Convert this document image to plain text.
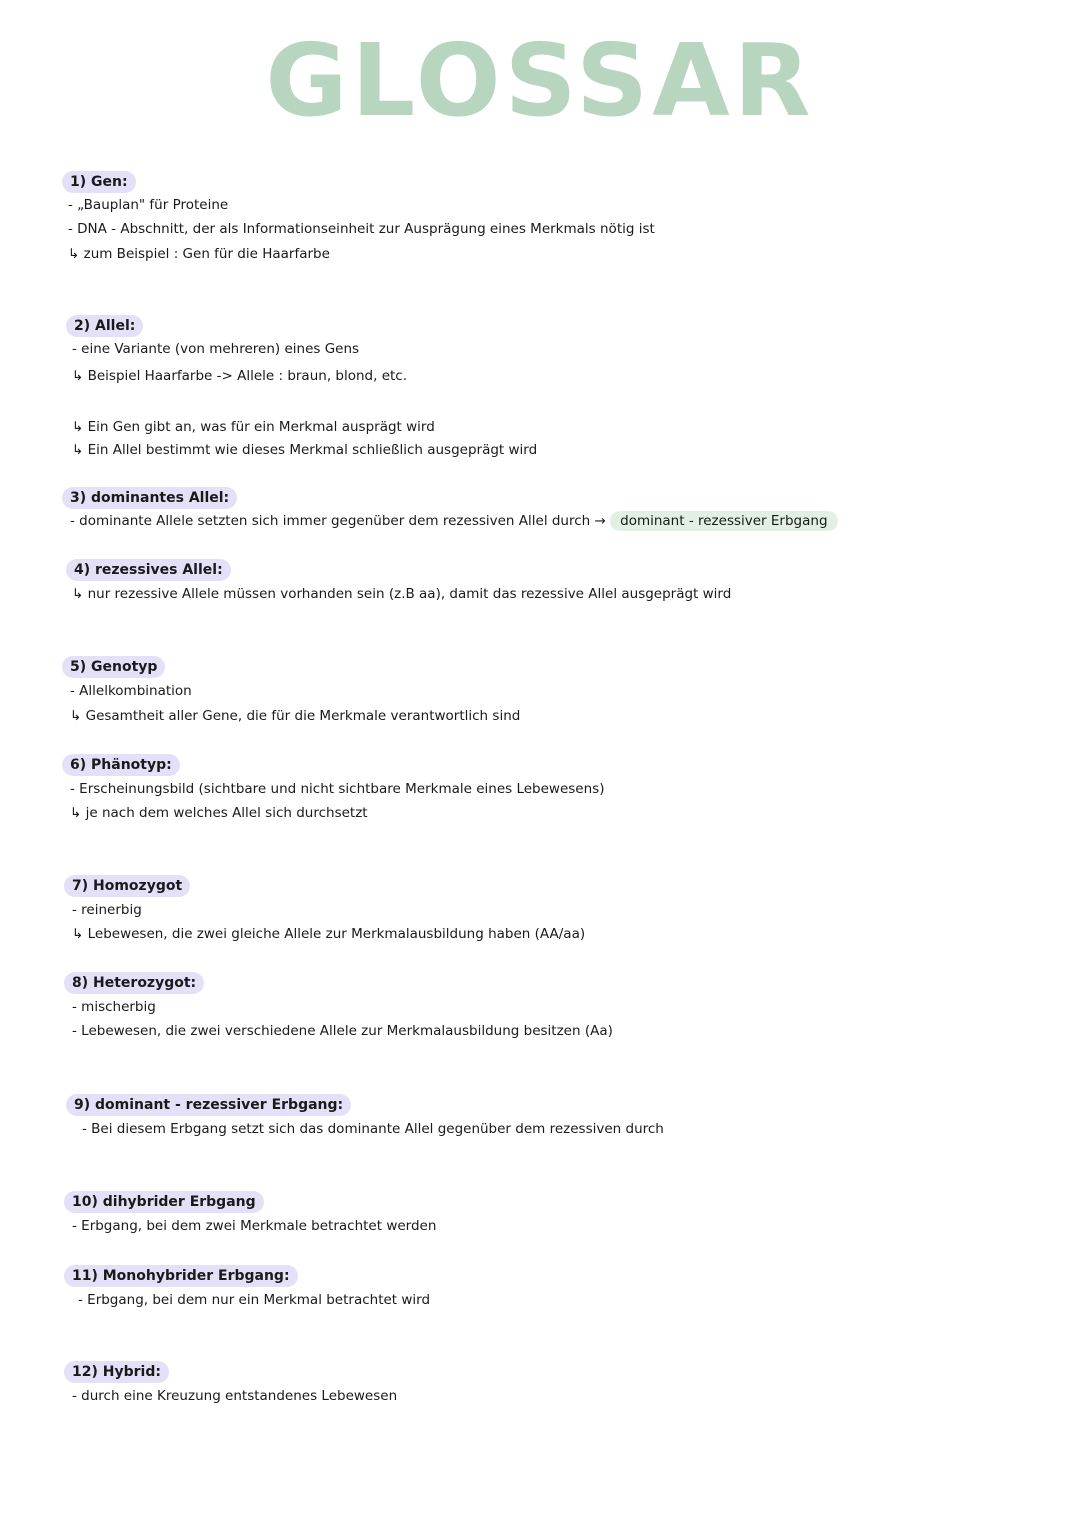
GLOSSAR
1) Gen:
- „Bauplan" für Proteine
- DNA - Abschnitt, der als Informationseinheit zur Ausprägung eines Merkmals nötig ist
↳ zum Beispiel : Gen für die Haarfarbe
2) Allel:
- eine Variante (von mehreren) eines Gens
↳ Beispiel Haarfarbe -> Allele : braun, blond, etc.
↳ Ein Gen gibt an, was für ein Merkmal ausprägt wird
↳ Ein Allel bestimmt wie dieses Merkmal schließlich ausgeprägt wird
3) dominantes Allel:
- dominante Allele setzten sich immer gegenüber dem rezessiven Allel durch → dominant - rezessiver Erbgang
4) rezessives Allel:
↳ nur rezessive Allele müssen vorhanden sein (z.B aa), damit das rezessive Allel ausgeprägt wird
5) Genotyp
- Allelkombination
↳ Gesamtheit aller Gene, die für die Merkmale verantwortlich sind
6) Phänotyp:
- Erscheinungsbild (sichtbare und nicht sichtbare Merkmale eines Lebewesens)
↳ je nach dem welches Allel sich durchsetzt
7) Homozygot
- reinerbig
↳ Lebewesen, die zwei gleiche Allele zur Merkmalausbildung haben (AA/aa)
8) Heterozygot:
- mischerbig
- Lebewesen, die zwei verschiedene Allele zur Merkmalausbildung besitzen (Aa)
9) dominant - rezessiver Erbgang:
- Bei diesem Erbgang setzt sich das dominante Allel gegenüber dem rezessiven durch
10) dihybrider Erbgang
- Erbgang, bei dem zwei Merkmale betrachtet werden
11) Monohybrider Erbgang:
- Erbgang, bei dem nur ein Merkmal betrachtet wird
12) Hybrid:
- durch eine Kreuzung entstandenes Lebewesen
